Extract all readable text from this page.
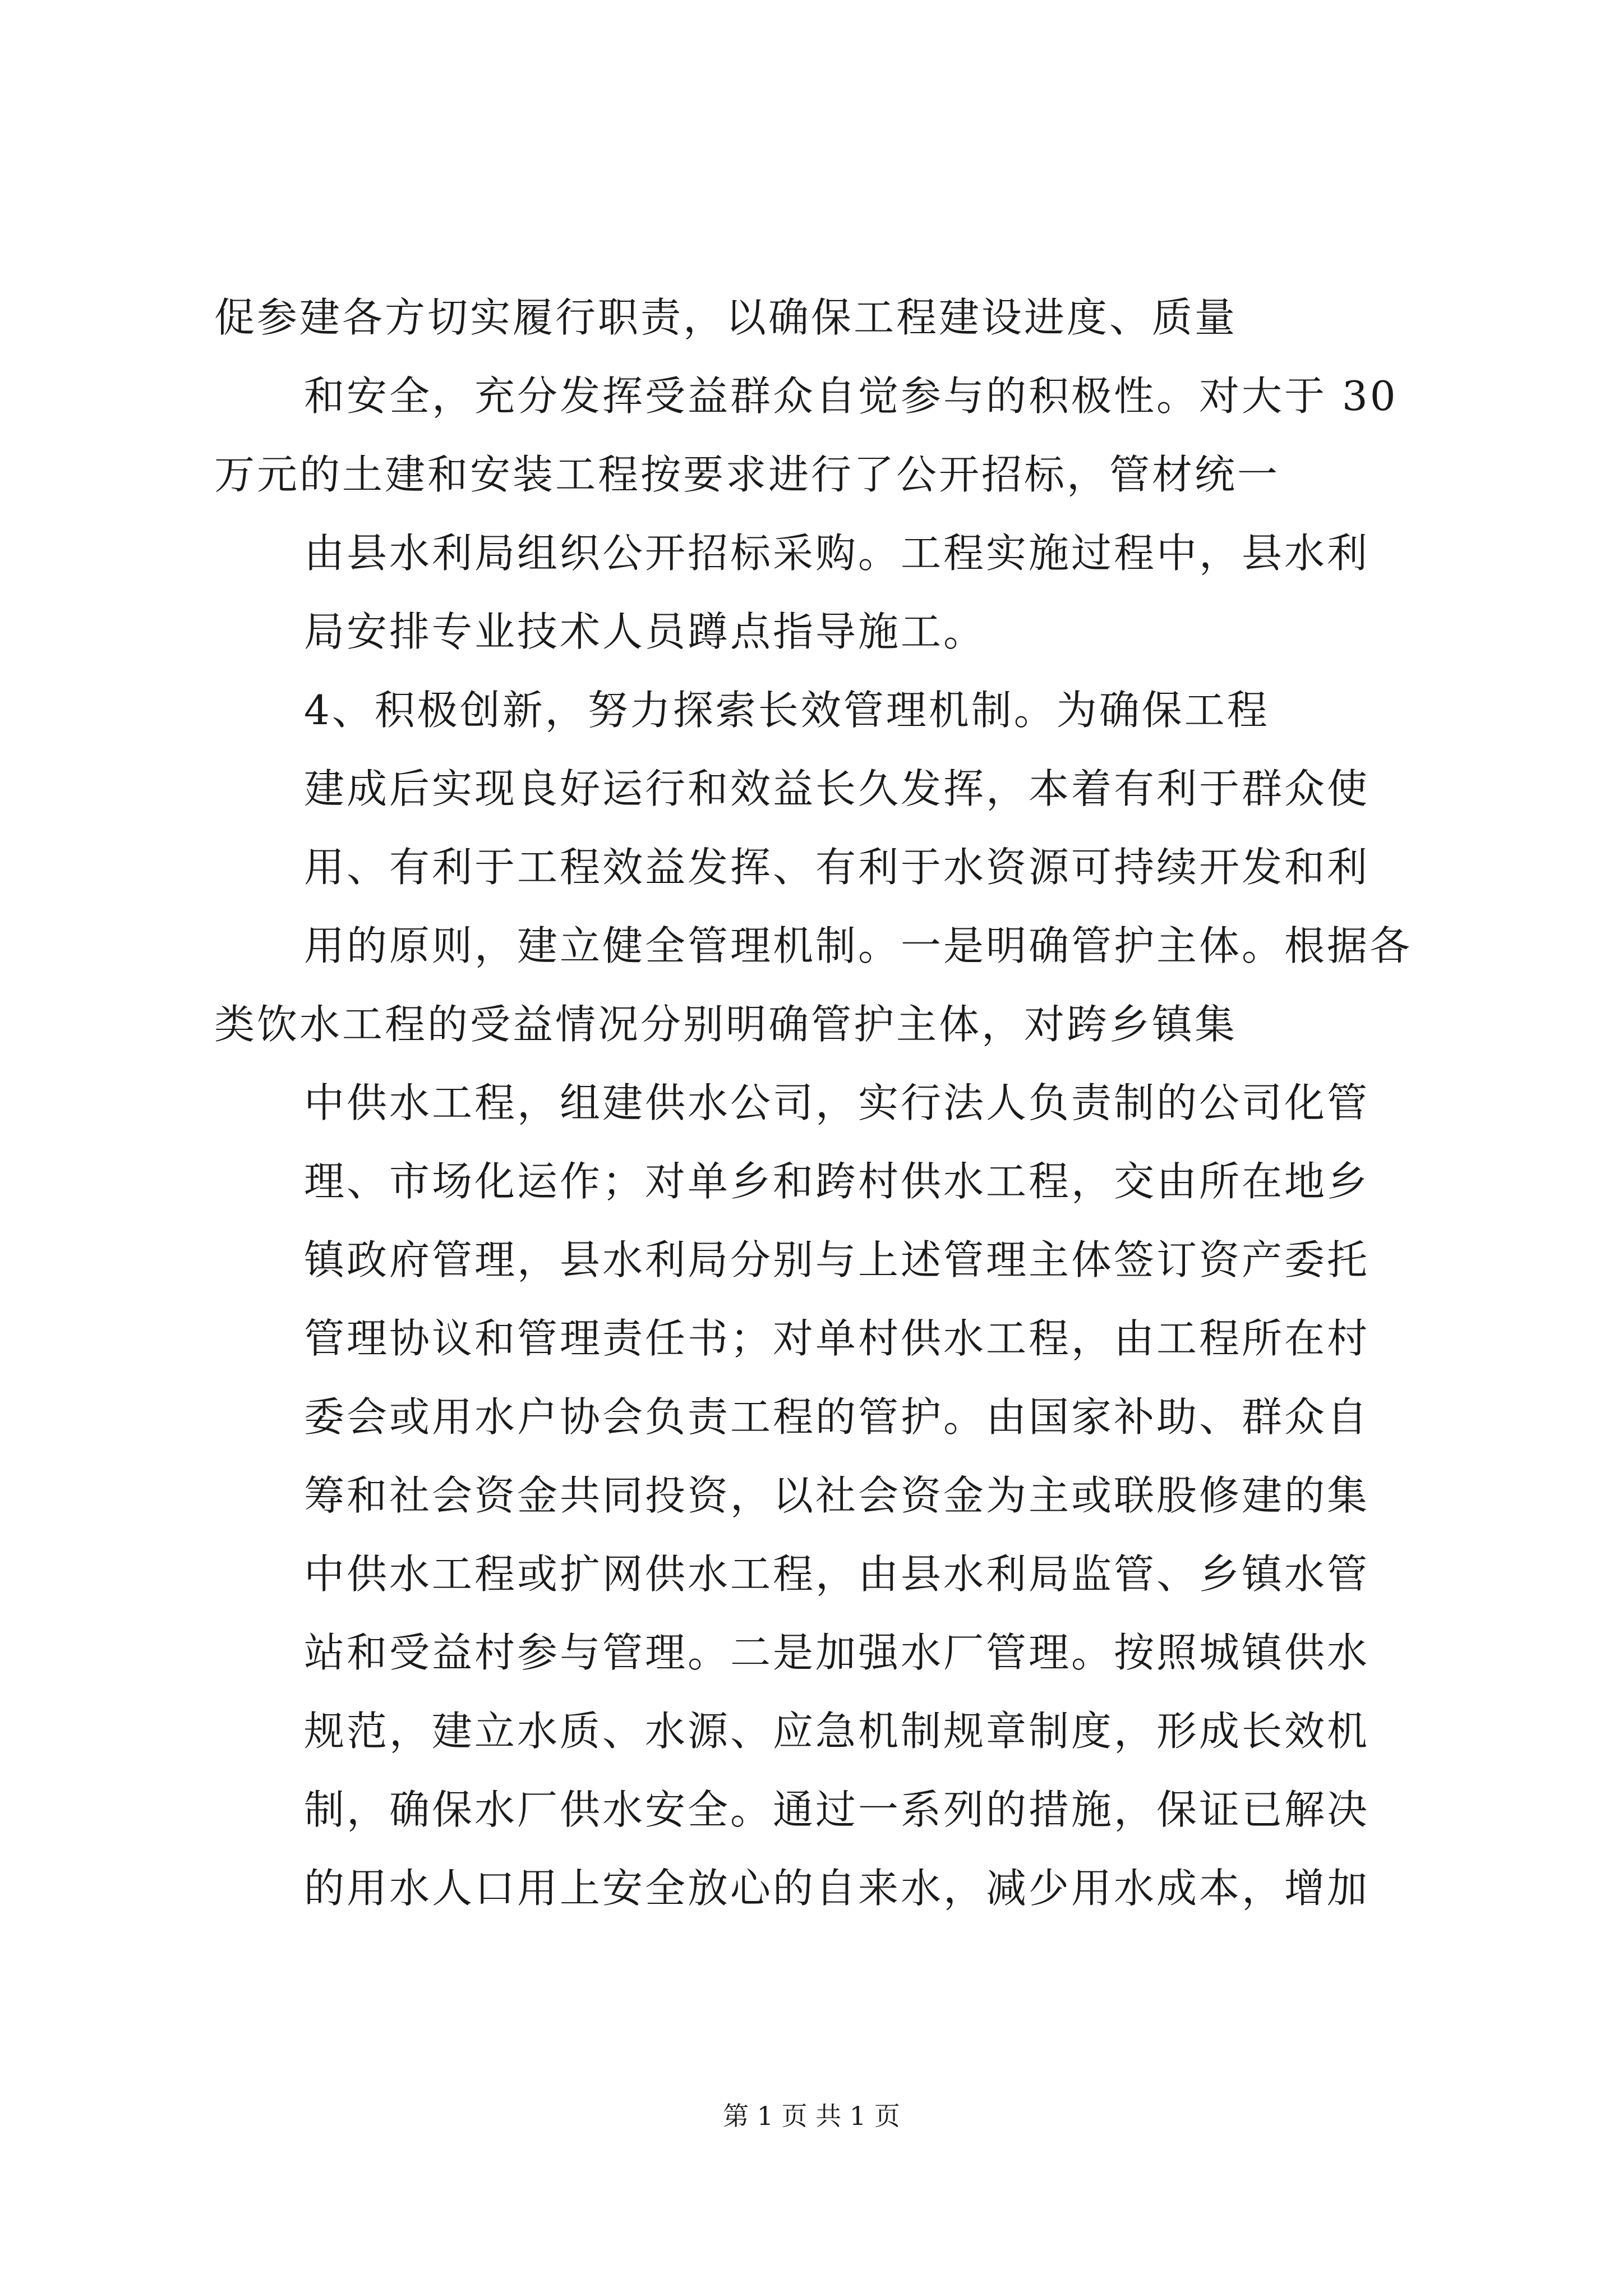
促参建各方切实履行职责，以确保工程建设进度、质量
和安全，充分发挥受益群众自觉参与的积极性。对大于 30
万元的土建和安装工程按要求进行了公开招标，管材统一
由县水利局组织公开招标采购。工程实施过程中，县水利
局安排专业技术人员蹲点指导施工。
4、积极创新，努力探索长效管理机制。为确保工程
建成后实现良好运行和效益长久发挥，本着有利于群众使
用、有利于工程效益发挥、有利于水资源可持续开发和利
用的原则，建立健全管理机制。一是明确管护主体。根据各
类饮水工程的受益情况分别明确管护主体，对跨乡镇集
中供水工程，组建供水公司，实行法人负责制的公司化管
理、市场化运作；对单乡和跨村供水工程，交由所在地乡
镇政府管理，县水利局分别与上述管理主体签订资产委托
管理协议和管理责任书；对单村供水工程，由工程所在村
委会或用水户协会负责工程的管护。由国家补助、群众自
筹和社会资金共同投资，以社会资金为主或联股修建的集
中供水工程或扩网供水工程，由县水利局监管、乡镇水管
站和受益村参与管理。二是加强水厂管理。按照城镇供水
规范，建立水质、水源、应急机制规章制度，形成长效机
制，确保水厂供水安全。通过一系列的措施，保证已解决
的用水人口用上安全放心的自来水，减少用水成本，增加
第 1 页 共 1 页
